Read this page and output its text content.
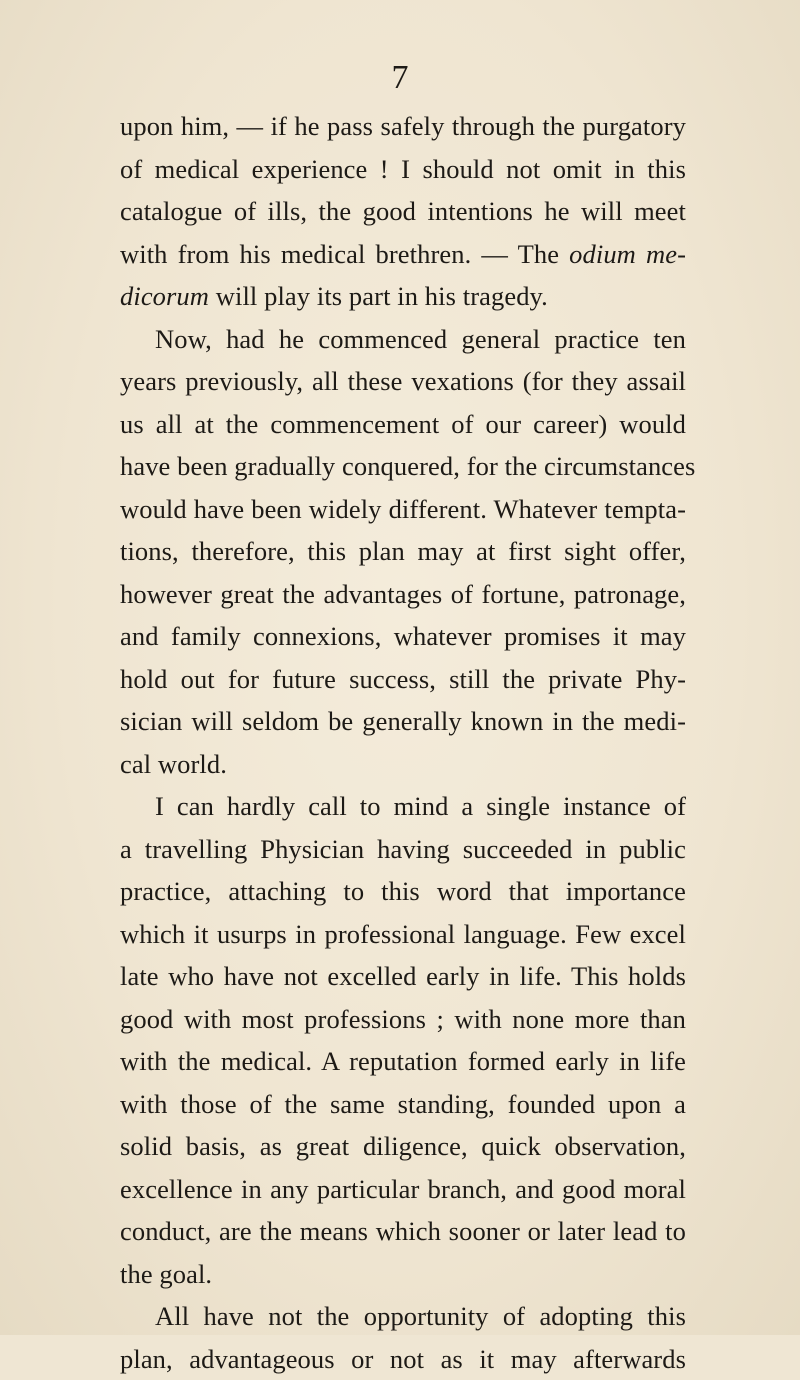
7
upon him, — if he pass safely through the purgatory
of medical experience ! I should not omit in this
catalogue of ills, the good intentions he will meet
with from his medical brethren. — The odium me-
dicorum will play its part in his tragedy.
Now, had he commenced general practice ten
years previously, all these vexations (for they assail
us all at the commencement of our career) would
have been gradually conquered, for the circumstances
would have been widely different. Whatever tempta-
tions, therefore, this plan may at first sight offer,
however great the advantages of fortune, patronage,
and family connexions, whatever promises it may
hold out for future success, still the private Phy-
sician will seldom be generally known in the medi-
cal world.
I can hardly call to mind a single instance of
a travelling Physician having succeeded in public
practice, attaching to this word that importance
which it usurps in professional language. Few excel
late who have not excelled early in life. This holds
good with most professions ; with none more than
with the medical. A reputation formed early in life
with those of the same standing, founded upon a
solid basis, as great diligence, quick observation,
excellence in any particular branch, and good moral
conduct, are the means which sooner or later lead to
the goal.
All have not the opportunity of adopting this
plan, advantageous or not as it may afterwards
